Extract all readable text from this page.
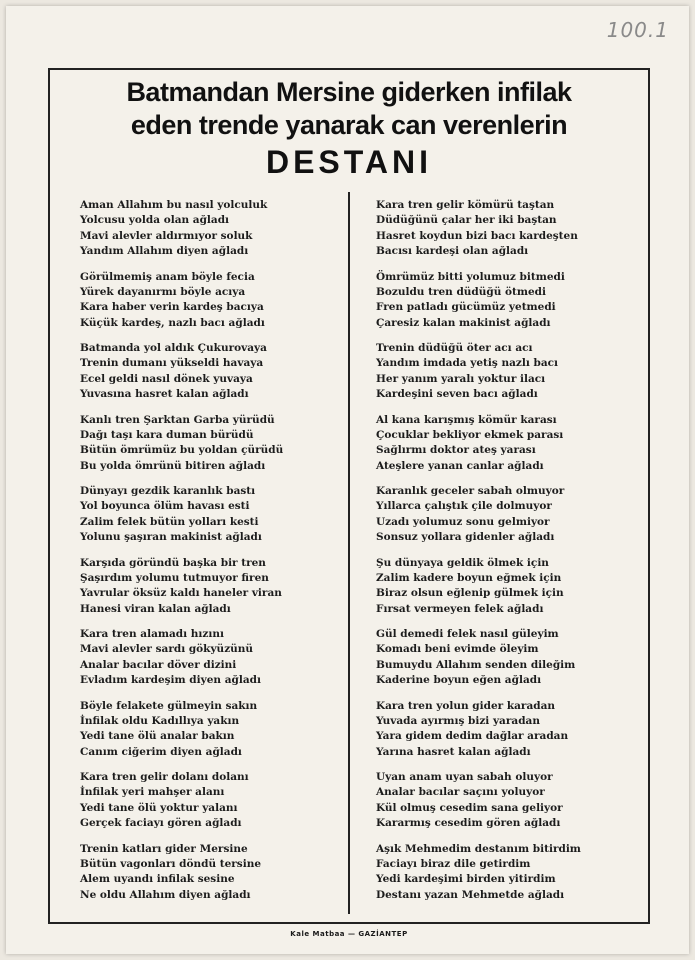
100.1
Batmandan Mersine giderken infilak
eden trende yanarak can verenlerin
DESTANI
Aman Allahım bu nasıl yolculuk
Yolcusu yolda olan ağladı
Mavi alevler aldırmıyor soluk
Yandım Allahım diyen ağladı
Görülmemiş anam böyle fecia
Yürek dayanırmı böyle acıya
Kara haber verin kardeş bacıya
Küçük kardeş, nazlı bacı ağladı
Batmanda yol aldık Çukurovaya
Trenin dumanı yükseldi havaya
Ecel geldi nasıl dönek yuvaya
Yuvasına hasret kalan ağladı
Kanlı tren Şarktan Garba yürüdü
Dağı taşı kara duman bürüdü
Bütün ömrümüz bu yoldan çürüdü
Bu yolda ömrünü bitiren ağladı
Dünyayı gezdik karanlık bastı
Yol boyunca ölüm havası esti
Zalim felek bütün yolları kesti
Yolunu şaşıran makinist ağladı
Karşıda göründü başka bir tren
Şaşırdım yolumu tutmuyor firen
Yavrular öksüz kaldı haneler viran
Hanesi viran kalan ağladı
Kara tren alamadı hızını
Mavi alevler sardı gökyüzünü
Analar bacılar döver dizini
Evladım kardeşim diyen ağladı
Böyle felakete gülmeyin sakın
İnfilak oldu Kadıllıya yakın
Yedi tane ölü analar bakın
Canım ciğerim diyen ağladı
Kara tren gelir dolanı dolanı
İnfilak yeri mahşer alanı
Yedi tane ölü yoktur yalanı
Gerçek faciayı gören ağladı
Trenin katları gider Mersine
Bütün vagonları döndü tersine
Alem uyandı infilak sesine
Ne oldu Allahım diyen ağladı
Kara tren gelir kömürü taştan
Düdüğünü çalar her iki baştan
Hasret koydun bizi bacı kardeşten
Bacısı kardeşi olan ağladı
Ömrümüz bitti yolumuz bitmedi
Bozuldu tren düdüğü ötmedi
Fren patladı gücümüz yetmedi
Çaresiz kalan makinist ağladı
Trenin düdüğü öter acı acı
Yandım imdada yetiş nazlı bacı
Her yanım yaralı yoktur ilacı
Kardeşini seven bacı ağladı
Al kana karışmış kömür karası
Çocuklar bekliyor ekmek parası
Sağlırmı doktor ateş yarası
Ateşlere yanan canlar ağladı
Karanlık geceler sabah olmuyor
Yıllarca çalıştık çile dolmuyor
Uzadı yolumuz sonu gelmiyor
Sonsuz yollara gidenler ağladı
Şu dünyaya geldik ölmek için
Zalim kadere boyun eğmek için
Biraz olsun eğlenip gülmek için
Fırsat vermeyen felek ağladı
Gül demedi felek nasıl güleyim
Komadı beni evimde öleyim
Bumuydu Allahım senden dileğim
Kaderine boyun eğen ağladı
Kara tren yolun gider karadan
Yuvada ayırmış bizi yaradan
Yara gidem dedim dağlar aradan
Yarına hasret kalan ağladı
Uyan anam uyan sabah oluyor
Analar bacılar saçını yoluyor
Kül olmuş cesedim sana geliyor
Kararmış cesedim gören ağladı
Aşık Mehmedim destanım bitirdim
Faciayı biraz dile getirdim
Yedi kardeşimi birden yitirdim
Destanı yazan Mehmetde ağladı
Kale Matbaa — GAZİANTEP
